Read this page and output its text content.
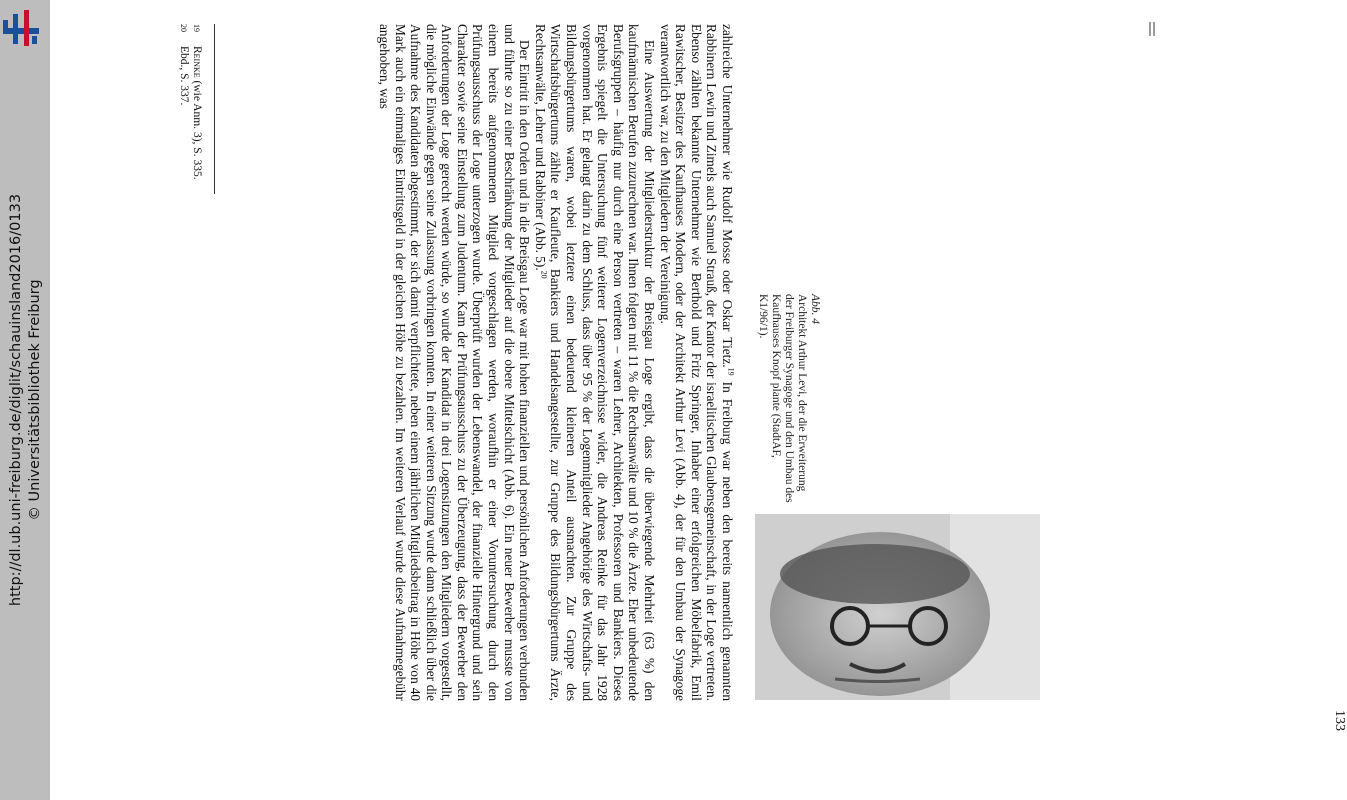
http://dl.ub.uni-freiburg.de/diglit/schauinsland2016/0133 © Universitätsbibliothek Freiburg

zahlreiche Unternehmer wie Rudolf Mosse oder Oskar Tietz.$^{19}$ In Freiburg war neben den bereits namentlich genannten Rabbinern Lewin und Zimels auch Samuel Strauß, der Kantor der israelitischen Glaubensgemeinschaft, in der Loge vertreten. Ebenso zählten bekannte Unternehmer wie Berthold und Fritz Springer, Inhaber einer erfolgreichen Möbelfabrik, Emil Rawitscher, Besitzer des Kaufhauses Modern, oder der Architekt Arthur Levi (Abb. 4), der für den Umbau der Synagoge verantwortlich war, zu den Mitgliedern der Vereinigung.

Eine Auswertung der Mitgliederstruktur der Breisgau Loge ergibt, dass die überwiegende Mehrheit (63 %) den kaufmännischen Berufen zuzurechnen war. Ihnen folgten mit 11 % die Rechtsanwälte und 10 % die Ärzte. Eher unbedeutende Berufsgruppen – häufig nur durch eine Person vertreten – waren Lehrer, Architekten, Professoren und Bankiers. Dieses Ergebnis spiegelt die Untersuchung fünf weiterer Logenverzeichnisse wider, die Andreas Reinke für das Jahr 1928 vorgenommen hat. Er gelangt darin zu dem Schluss, dass über 95 % der Logenmitglieder Angehörige des Wirtschafts- und Bildungsbürgertums waren, wobei letztere einen bedeutend kleineren Anteil ausmachten. Zur Gruppe des Wirtschaftsbürgertums zählte er Kaufleute, Bankiers und Handelsangestellte, zur Gruppe des Bildungsbürgertums Ärzte, Rechtsanwälte, Lehrer und Rabbiner (Abb. 5).$^{20}$

Der Eintritt in den Orden und in die Breisgau Loge war mit hohen finanziellen und persönlichen Anforderungen verbunden und führte so zu einer Beschränkung der Mitglieder auf die obere Mittelschicht (Abb. 6). Ein neuer Bewerber musste von einem bereits aufgenommenen Mitglied vorgeschlagen werden, woraufhin er einer Voruntersuchung durch den Prüfungsausschuss der Loge unterzogen wurde. Überprüft wurden der Lebenswandel, der finanzielle Hintergrund und sein Charakter sowie seine Einstellung zum Judentum. Kam der Prüfungsausschuss zu der Überzeugung, dass der Bewerber den Anforderungen der Loge gerecht werden würde, so wurde der Kandidat in drei Logensitzungen den Mitgliedern vorgestellt, die mögliche Einwände gegen seine Zulassung vorbringen konnten. In einer weiteren Sitzung wurde dann schließlich über die Aufnahme des Kandidaten abgestimmt, der sich damit verpflichtete, neben einem jährlichen Mitgliedsbeitrag in Höhe von 40 Mark auch ein einmaliges Eintrittsgeld in der gleichen Höhe zu bezahlen. Im weiteren Verlauf wurde diese Aufnahmegebühr angehoben, was

19
Reinke (wie Anm. 3), S. 335.
20
Ebd., S. 337.
Abb. 4
Architekt Arthur Levi, der die Erweiterung der Freiburger Synagoge und den Umbau des Kaufhauses Knopf plante (StadtAF, K1/96/1).
133
